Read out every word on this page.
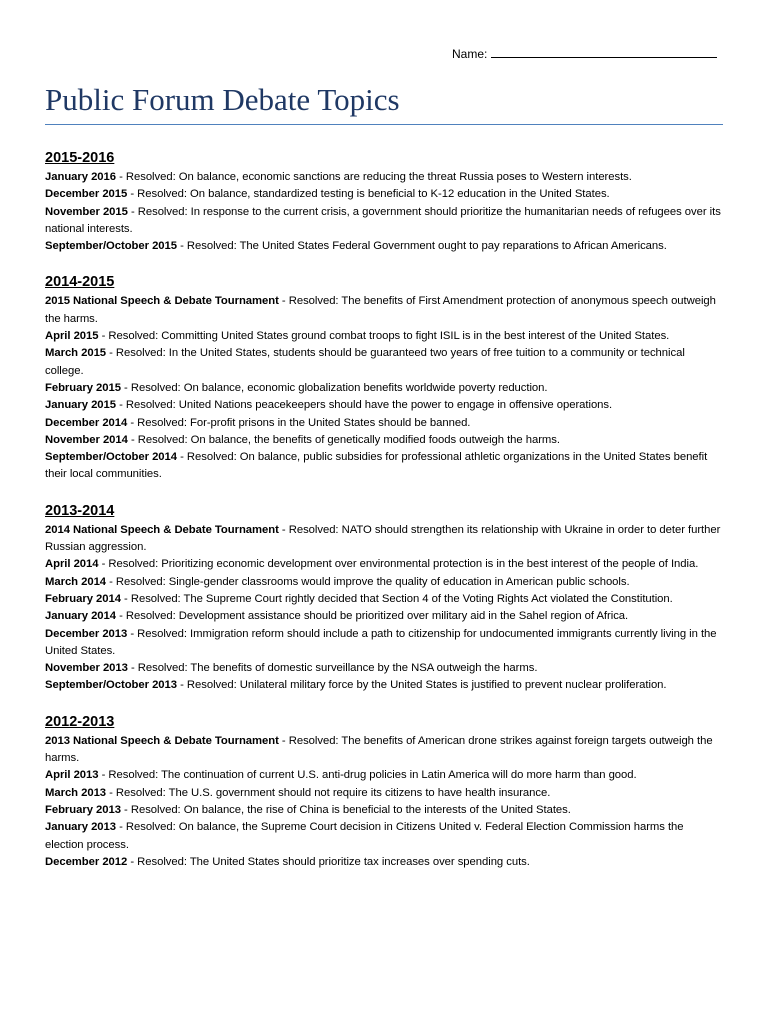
Name:
Public Forum Debate Topics
2015-2016

January 2016 - Resolved: On balance, economic sanctions are reducing the threat Russia poses to Western interests.

December 2015 - Resolved: On balance, standardized testing is beneficial to K-12 education in the United States.

November 2015 - Resolved: In response to the current crisis, a government should prioritize the humanitarian needs of refugees over its national interests.

September/October 2015 - Resolved: The United States Federal Government ought to pay reparations to African Americans.

2014-2015

2015 National Speech & Debate Tournament - Resolved: The benefits of First Amendment protection of anonymous speech outweigh the harms.

April 2015 - Resolved: Committing United States ground combat troops to fight ISIL is in the best interest of the United States.

March 2015 - Resolved: In the United States, students should be guaranteed two years of free tuition to a community or technical college.

February 2015 - Resolved: On balance, economic globalization benefits worldwide poverty reduction.

January 2015 - Resolved: United Nations peacekeepers should have the power to engage in offensive operations.

December 2014 - Resolved: For-profit prisons in the United States should be banned.

November 2014 - Resolved: On balance, the benefits of genetically modified foods outweigh the harms.

September/October 2014 - Resolved: On balance, public subsidies for professional athletic organizations in the United States benefit their local communities.

2013-2014

2014 National Speech & Debate Tournament - Resolved: NATO should strengthen its relationship with Ukraine in order to deter further Russian aggression.

April 2014 - Resolved: Prioritizing economic development over environmental protection is in the best interest of the people of India.

March 2014 - Resolved: Single-gender classrooms would improve the quality of education in American public schools.

February 2014 - Resolved: The Supreme Court rightly decided that Section 4 of the Voting Rights Act violated the Constitution.

January 2014 - Resolved: Development assistance should be prioritized over military aid in the Sahel region of Africa.

December 2013 - Resolved: Immigration reform should include a path to citizenship for undocumented immigrants currently living in the United States.

November 2013 - Resolved: The benefits of domestic surveillance by the NSA outweigh the harms.

September/October 2013 - Resolved: Unilateral military force by the United States is justified to prevent nuclear proliferation.

2012-2013

2013 National Speech & Debate Tournament - Resolved: The benefits of American drone strikes against foreign targets outweigh the harms.

April 2013 - Resolved: The continuation of current U.S. anti-drug policies in Latin America will do more harm than good.

March 2013 - Resolved: The U.S. government should not require its citizens to have health insurance.

February 2013 - Resolved: On balance, the rise of China is beneficial to the interests of the United States.

January 2013 - Resolved: On balance, the Supreme Court decision in Citizens United v. Federal Election Commission harms the election process.

December 2012 - Resolved: The United States should prioritize tax increases over spending cuts.
